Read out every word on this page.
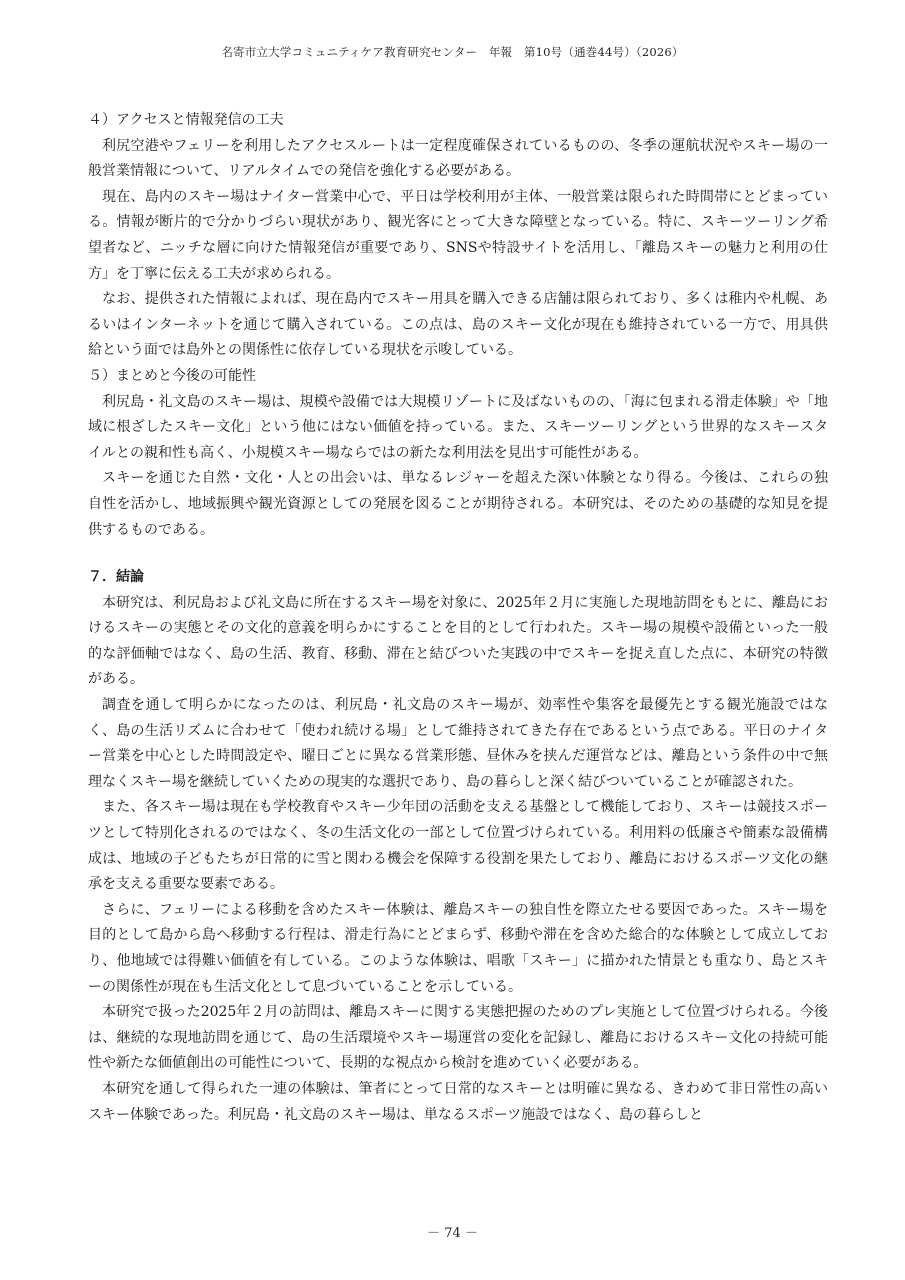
名寄市立大学コミュニティケア教育研究センター　年報　第10号（通巻44号）（2026）

４）アクセスと情報発信の工夫

利尻空港やフェリーを利用したアクセスルートは一定程度確保されているものの、冬季の運航状況やスキー場の一般営業情報について、リアルタイムでの発信を強化する必要がある。

現在、島内のスキー場はナイター営業中心で、平日は学校利用が主体、一般営業は限られた時間帯にとどまっている。情報が断片的で分かりづらい現状があり、観光客にとって大きな障壁となっている。特に、スキーツーリング希望者など、ニッチな層に向けた情報発信が重要であり、SNSや特設サイトを活用し、「離島スキーの魅力と利用の仕方」を丁寧に伝える工夫が求められる。

なお、提供された情報によれば、現在島内でスキー用具を購入できる店舗は限られており、多くは稚内や札幌、あるいはインターネットを通じて購入されている。この点は、島のスキー文化が現在も維持されている一方で、用具供給という面では島外との関係性に依存している現状を示唆している。

５）まとめと今後の可能性

利尻島・礼文島のスキー場は、規模や設備では大規模リゾートに及ばないものの、「海に包まれる滑走体験」や「地域に根ざしたスキー文化」という他にはない価値を持っている。また、スキーツーリングという世界的なスキースタイルとの親和性も高く、小規模スキー場ならではの新たな利用法を見出す可能性がある。

スキーを通じた自然・文化・人との出会いは、単なるレジャーを超えた深い体験となり得る。今後は、これらの独自性を活かし、地域振興や観光資源としての発展を図ることが期待される。本研究は、そのための基礎的な知見を提供するものである。

７．結論

本研究は、利尻島および礼文島に所在するスキー場を対象に、2025年２月に実施した現地訪問をもとに、離島におけるスキーの実態とその文化的意義を明らかにすることを目的として行われた。スキー場の規模や設備といった一般的な評価軸ではなく、島の生活、教育、移動、滞在と結びついた実践の中でスキーを捉え直した点に、本研究の特徴がある。

調査を通して明らかになったのは、利尻島・礼文島のスキー場が、効率性や集客を最優先とする観光施設ではなく、島の生活リズムに合わせて「使われ続ける場」として維持されてきた存在であるという点である。平日のナイター営業を中心とした時間設定や、曜日ごとに異なる営業形態、昼休みを挟んだ運営などは、離島という条件の中で無理なくスキー場を継続していくための現実的な選択であり、島の暮らしと深く結びついていることが確認された。

また、各スキー場は現在も学校教育やスキー少年団の活動を支える基盤として機能しており、スキーは競技スポーツとして特別化されるのではなく、冬の生活文化の一部として位置づけられている。利用料の低廉さや簡素な設備構成は、地域の子どもたちが日常的に雪と関わる機会を保障する役割を果たしており、離島におけるスポーツ文化の継承を支える重要な要素である。

さらに、フェリーによる移動を含めたスキー体験は、離島スキーの独自性を際立たせる要因であった。スキー場を目的として島から島へ移動する行程は、滑走行為にとどまらず、移動や滞在を含めた総合的な体験として成立しており、他地域では得難い価値を有している。このような体験は、唱歌「スキー」に描かれた情景とも重なり、島とスキーの関係性が現在も生活文化として息づいていることを示している。

本研究で扱った2025年２月の訪問は、離島スキーに関する実態把握のためのプレ実施として位置づけられる。今後は、継続的な現地訪問を通じて、島の生活環境やスキー場運営の変化を記録し、離島におけるスキー文化の持続可能性や新たな価値創出の可能性について、長期的な視点から検討を進めていく必要がある。

本研究を通して得られた一連の体験は、筆者にとって日常的なスキーとは明確に異なる、きわめて非日常性の高いスキー体験であった。利尻島・礼文島のスキー場は、単なるスポーツ施設ではなく、島の暮らしと

－ 74 －
